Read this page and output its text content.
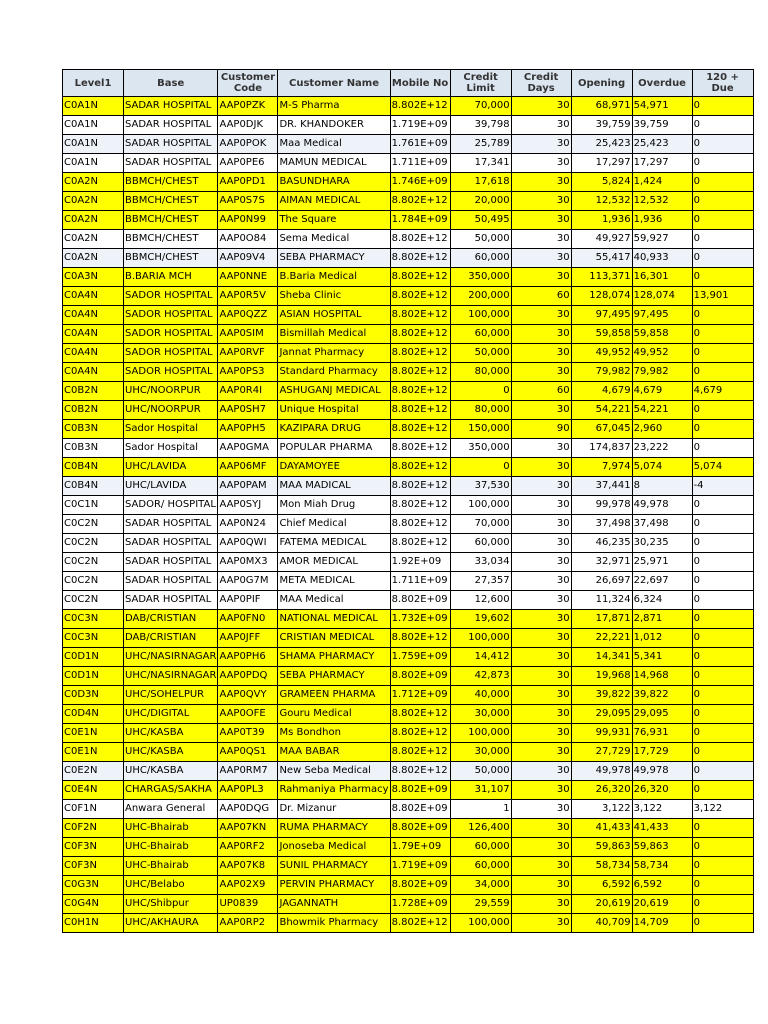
Level1	Base	Customer Code	Customer Name	Mobile No	Credit Limit	Credit Days	Opening	Overdue	120 + Due
C0A1N	SADAR HOSPITAL	AAP0PZK	M-S Pharma	8.802E+12	70,000	30	68,971	54,971	0
C0A1N	SADAR HOSPITAL	AAP0DJK	DR. KHANDOKER	1.719E+09	39,798	30	39,759	39,759	0
C0A1N	SADAR HOSPITAL	AAP0POK	Maa Medical	1.761E+09	25,789	30	25,423	25,423	0
C0A1N	SADAR HOSPITAL	AAP0PE6	MAMUN MEDICAL	1.711E+09	17,341	30	17,297	17,297	0
C0A2N	BBMCH/CHEST	AAP0PD1	BASUNDHARA	1.746E+09	17,618	30	5,824	1,424	0
C0A2N	BBMCH/CHEST	AAP0S7S	AIMAN MEDICAL	8.802E+12	20,000	30	12,532	12,532	0
C0A2N	BBMCH/CHEST	AAP0N99	The Square	1.784E+09	50,495	30	1,936	1,936	0
C0A2N	BBMCH/CHEST	AAP0O84	Sema Medical	8.802E+12	50,000	30	49,927	59,927	0
C0A2N	BBMCH/CHEST	AAP09V4	SEBA PHARMACY	8.802E+12	60,000	30	55,417	40,933	0
C0A3N	B.BARIA MCH	AAP0NNE	B.Baria Medical	8.802E+12	350,000	30	113,371	16,301	0
C0A4N	SADOR HOSPITAL	AAP0R5V	Sheba Clinic	8.802E+12	200,000	60	128,074	128,074	13,901
C0A4N	SADOR HOSPITAL	AAP0QZZ	ASIAN HOSPITAL	8.802E+12	100,000	30	97,495	97,495	0
C0A4N	SADOR HOSPITAL	AAP0SIM	Bismillah Medical	8.802E+12	60,000	30	59,858	59,858	0
C0A4N	SADOR HOSPITAL	AAP0RVF	Jannat Pharmacy	8.802E+12	50,000	30	49,952	49,952	0
C0A4N	SADOR HOSPITAL	AAP0PS3	Standard Pharmacy	8.802E+12	80,000	30	79,982	79,982	0
C0B2N	UHC/NOORPUR	AAP0R4I	ASHUGANJ MEDICAL	8.802E+12	0	60	4,679	4,679	4,679
C0B2N	UHC/NOORPUR	AAP0SH7	Unique Hospital	8.802E+12	80,000	30	54,221	54,221	0
C0B3N	Sador Hospital	AAP0PH5	KAZIPARA DRUG	8.802E+12	150,000	90	67,045	2,960	0
C0B3N	Sador Hospital	AAP0GMA	POPULAR PHARMA	8.802E+12	350,000	30	174,837	23,222	0
C0B4N	UHC/LAVIDA	AAP06MF	DAYAMOYEE	8.802E+12	0	30	7,974	5,074	5,074
C0B4N	UHC/LAVIDA	AAP0PAM	MAA MADICAL	8.802E+12	37,530	30	37,441	8	-4
C0C1N	SADOR/ HOSPITAL	AAP0SYJ	Mon Miah Drug	8.802E+12	100,000	30	99,978	49,978	0
C0C2N	SADAR HOSPITAL	AAP0N24	Chief Medical	8.802E+12	70,000	30	37,498	37,498	0
C0C2N	SADAR HOSPITAL	AAP0QWI	FATEMA MEDICAL	8.802E+12	60,000	30	46,235	30,235	0
C0C2N	SADAR HOSPITAL	AAP0MX3	AMOR MEDICAL	1.92E+09	33,034	30	32,971	25,971	0
C0C2N	SADAR HOSPITAL	AAP0G7M	META MEDICAL	1.711E+09	27,357	30	26,697	22,697	0
C0C2N	SADAR HOSPITAL	AAP0PIF	MAA Medical	8.802E+09	12,600	30	11,324	6,324	0
C0C3N	DAB/CRISTIAN	AAP0FN0	NATIONAL MEDICAL	1.732E+09	19,602	30	17,871	2,871	0
C0C3N	DAB/CRISTIAN	AAP0JFF	CRISTIAN MEDICAL	8.802E+12	100,000	30	22,221	1,012	0
C0D1N	UHC/NASIRNAGAR	AAP0PH6	SHAMA PHARMACY	1.759E+09	14,412	30	14,341	5,341	0
C0D1N	UHC/NASIRNAGAR	AAP0PDQ	SEBA PHARMACY	8.802E+09	42,873	30	19,968	14,968	0
C0D3N	UHC/SOHELPUR	AAP0QVY	GRAMEEN PHARMA	1.712E+09	40,000	30	39,822	39,822	0
C0D4N	UHC/DIGITAL	AAP0OFE	Gouru Medical	8.802E+12	30,000	30	29,095	29,095	0
C0E1N	UHC/KASBA	AAP0T39	Ms Bondhon	8.802E+12	100,000	30	99,931	76,931	0
C0E1N	UHC/KASBA	AAP0QS1	MAA BABAR	8.802E+12	30,000	30	27,729	17,729	0
C0E2N	UHC/KASBA	AAP0RM7	New Seba Medical	8.802E+12	50,000	30	49,978	49,978	0
C0E4N	CHARGAS/SAKHA	AAP0PL3	Rahmaniya Pharmacy	8.802E+09	31,107	30	26,320	26,320	0
C0F1N	Anwara General	AAP0DQG	Dr. Mizanur	8.802E+09	1	30	3,122	3,122	3,122
C0F2N	UHC-Bhairab	AAP07KN	RUMA PHARMACY	8.802E+09	126,400	30	41,433	41,433	0
C0F3N	UHC-Bhairab	AAP0RF2	Jonoseba Medical	1.79E+09	60,000	30	59,863	59,863	0
C0F3N	UHC-Bhairab	AAP07K8	SUNIL PHARMACY	1.719E+09	60,000	30	58,734	58,734	0
C0G3N	UHC/Belabo	AAP02X9	PERVIN PHARMACY	8.802E+09	34,000	30	6,592	6,592	0
C0G4N	UHC/Shibpur	UP0839	JAGANNATH	1.728E+09	29,559	30	20,619	20,619	0
C0H1N	UHC/AKHAURA	AAP0RP2	Bhowmik Pharmacy	8.802E+12	100,000	30	40,709	14,709	0
